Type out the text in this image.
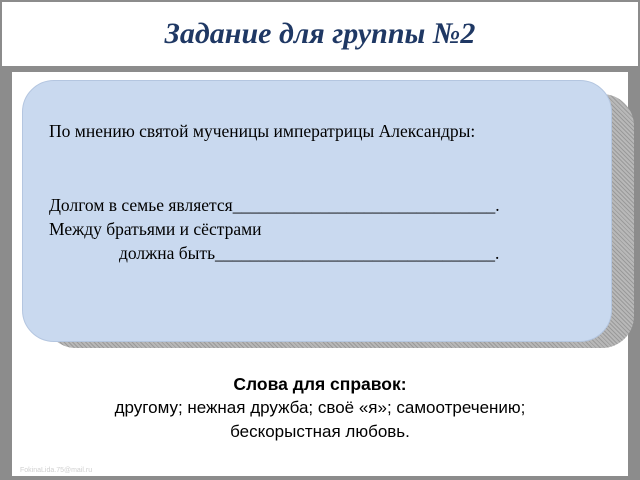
Задание для группы №2
По мнению святой мученицы императрицы Александры:
Долгом в семье является______________________________.
Между братьями и сёстрами
должна быть________________________________.
Слова для справок:
другому; нежная дружба; своё «я»; самоотречению;
бескорыстная любовь.
FokinaLida.75@mail.ru
